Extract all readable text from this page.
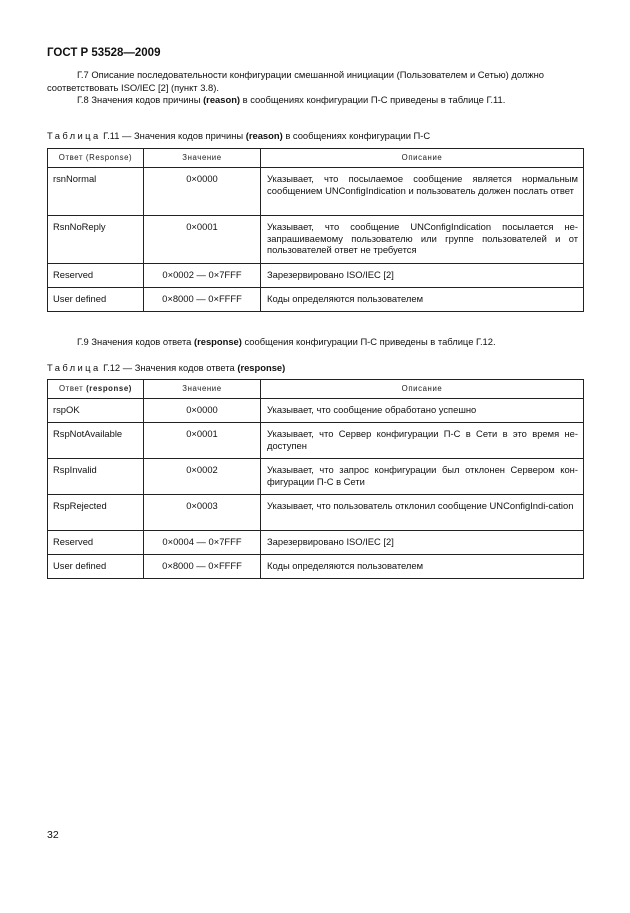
ГОСТ Р 53528—2009
Г.7 Описание последовательности конфигурации смешанной инициации (Пользователем и Сетью) должно соответствовать ISO/IEC [2] (пункт 3.8).
Г.8 Значения кодов причины (reason) в сообщениях конфигурации П-С приведены в таблице Г.11.
Таблица Г.11 — Значения кодов причины (reason) в сообщениях конфигурации П-С
Ответ (Response)	Значение	Описание
rsnNormal	0×0000	Указывает, что посылаемое сообщение является нормальным сообщением UNConfigIndication и пользователь должен послать ответ
RsnNoReply	0×0001	Указывает, что сообщение UNConfigIndication посылается не-запрашиваемому пользователю или группе пользователей и от пользователей ответ не требуется
Reserved	0×0002 — 0×7FFF	Зарезервировано ISO/IEC [2]
User defined	0×8000 — 0×FFFF	Коды определяются пользователем
Г.9 Значения кодов ответа (response) сообщения конфигурации П-С приведены в таблице Г.12.
Таблица Г.12 — Значения кодов ответа (response)
Ответ (response)	Значение	Описание
rspOK	0×0000	Указывает, что сообщение обработано успешно
RspNotAvailable	0×0001	Указывает, что Сервер конфигурации П-С в Сети в это время не-доступен
RspInvalid	0×0002	Указывает, что запрос конфигурации был отклонен Сервером кон-фигурации П-С в Сети
RspRejected	0×0003	Указывает, что пользователь отклонил сообщение UNConfigIndi-cation
Reserved	0×0004 — 0×7FFF	Зарезервировано ISO/IEC [2]
User defined	0×8000 — 0×FFFF	Коды определяются пользователем
32
